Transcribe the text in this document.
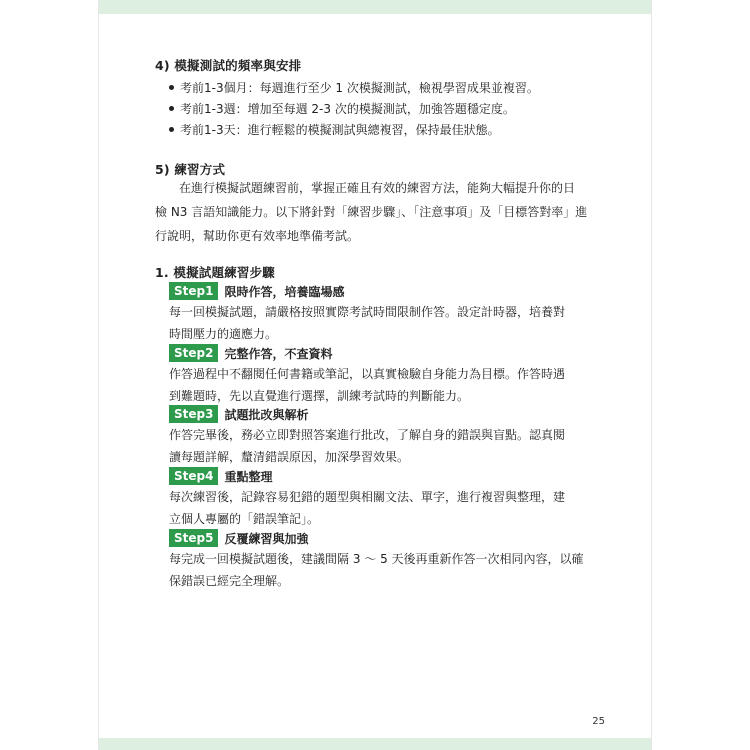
4) 模擬測試的頻率與安排
考前1-3個月：每週進行至少 1 次模擬測試，檢視學習成果並複習。
考前1-3週：增加至每週 2-3 次的模擬測試，加強答題穩定度。
考前1-3天：進行輕鬆的模擬測試與總複習，保持最佳狀態。
5) 練習方式
　　在進行模擬試題練習前，掌握正確且有效的練習方法，能夠大幅提升你的日
檢 N3 言語知識能力。以下將針對「練習步驟」、「注意事項」及「目標答對率」進
行說明，幫助你更有效率地準備考試。
1. 模擬試題練習步驟
Step1 限時作答，培養臨場感
每一回模擬試題，請嚴格按照實際考試時間限制作答。設定計時器，培養對
時間壓力的適應力。
Step2 完整作答，不查資料
作答過程中不翻閱任何書籍或筆記，以真實檢驗自身能力為目標。作答時遇
到難題時，先以直覺進行選擇，訓練考試時的判斷能力。
Step3 試題批改與解析
作答完畢後，務必立即對照答案進行批改，了解自身的錯誤與盲點。認真閱
讀每題詳解，釐清錯誤原因，加深學習效果。
Step4 重點整理
每次練習後，記錄容易犯錯的題型與相關文法、單字，進行複習與整理，建
立個人專屬的「錯誤筆記」。
Step5 反覆練習與加強
每完成一回模擬試題後，建議間隔 3 ～ 5 天後再重新作答一次相同內容，以確
保錯誤已經完全理解。
25
